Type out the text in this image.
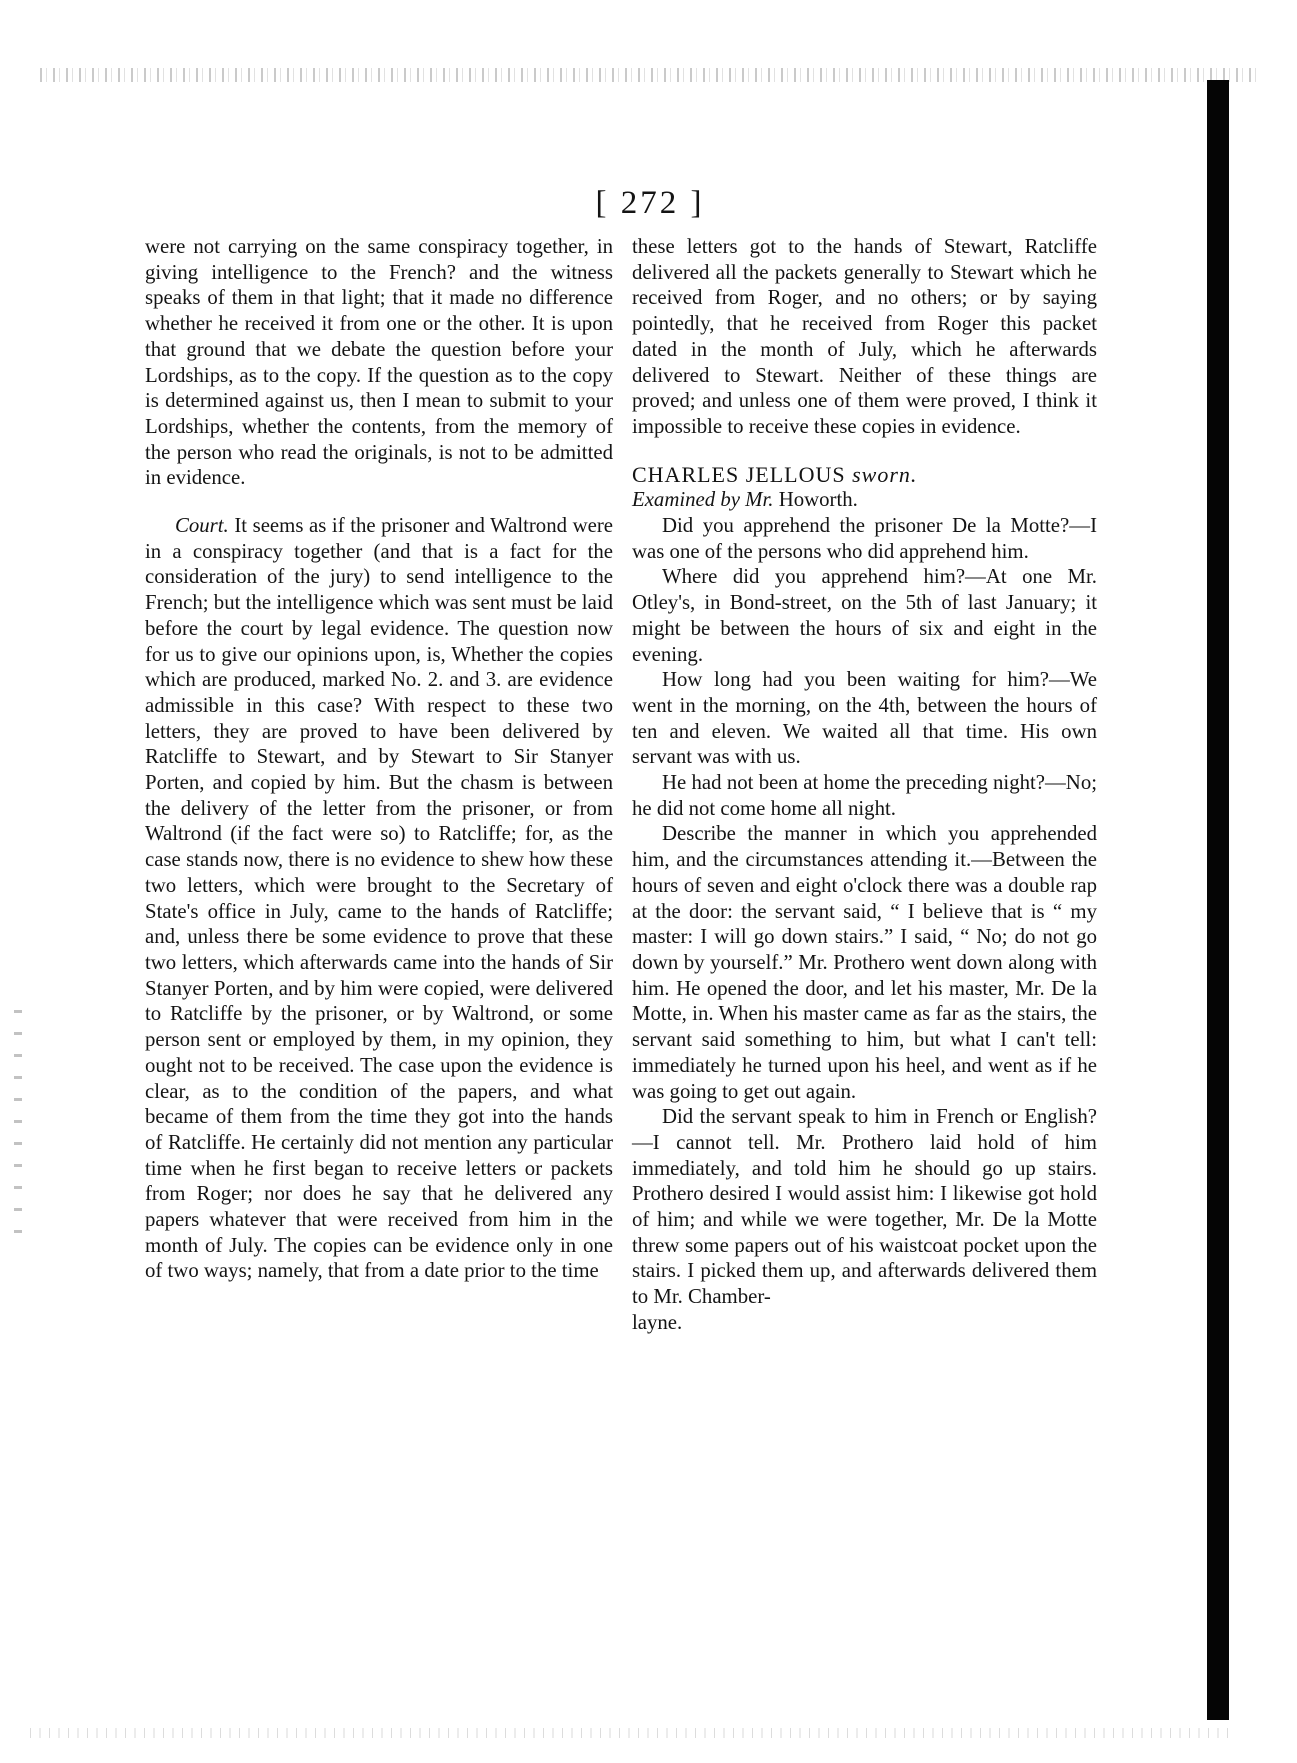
[ 272 ]

were not carrying on the same conspiracy together, in giving intelligence to the French? and the witness speaks of them in that light; that it made no difference whether he received it from one or the other. It is upon that ground that we debate the question before your Lordships, as to the copy. If the question as to the copy is determined against us, then I mean to submit to your Lordships, whether the contents, from the memory of the person who read the originals, is not to be admitted in evidence.

Court. It seems as if the prisoner and Waltrond were in a conspiracy together (and that is a fact for the consideration of the jury) to send intelligence to the French; but the intelligence which was sent must be laid before the court by legal evidence. The question now for us to give our opinions upon, is, Whether the copies which are produced, marked No. 2. and 3. are evidence admissible in this case? With respect to these two letters, they are proved to have been delivered by Ratcliffe to Stewart, and by Stewart to Sir Stanyer Porten, and copied by him. But the chasm is between the delivery of the letter from the prisoner, or from Waltrond (if the fact were so) to Ratcliffe; for, as the case stands now, there is no evidence to shew how these two letters, which were brought to the Secretary of State's office in July, came to the hands of Ratcliffe; and, unless there be some evidence to prove that these two letters, which afterwards came into the hands of Sir Stanyer Porten, and by him were copied, were delivered to Ratcliffe by the prisoner, or by Waltrond, or some person sent or employed by them, in my opinion, they ought not to be received. The case upon the evidence is clear, as to the condition of the papers, and what became of them from the time they got into the hands of Ratcliffe. He certainly did not mention any particular time when he first began to receive letters or packets from Roger; nor does he say that he delivered any papers whatever that were received from him in the month of July. The copies can be evidence only in one of two ways; namely, that from a date prior to the time

these letters got to the hands of Stewart, Ratcliffe delivered all the packets generally to Stewart which he received from Roger, and no others; or by saying pointedly, that he received from Roger this packet dated in the month of July, which he afterwards delivered to Stewart. Neither of these things are proved; and unless one of them were proved, I think it impossible to receive these copies in evidence.

CHARLES JELLOUS sworn.

Examined by Mr. Howorth.

Did you apprehend the prisoner De la Motte?—I was one of the persons who did apprehend him.

Where did you apprehend him?—At one Mr. Otley's, in Bond-street, on the 5th of last January; it might be between the hours of six and eight in the evening.

How long had you been waiting for him?—We went in the morning, on the 4th, between the hours of ten and eleven. We waited all that time. His own servant was with us.

He had not been at home the preceding night?—No; he did not come home all night.

Describe the manner in which you apprehended him, and the circumstances attending it.—Between the hours of seven and eight o'clock there was a double rap at the door: the servant said, “ I believe that is “ my master: I will go down stairs.” I said, “ No; do not go down by yourself.” Mr. Prothero went down along with him. He opened the door, and let his master, Mr. De la Motte, in. When his master came as far as the stairs, the servant said something to him, but what I can't tell: immediately he turned upon his heel, and went as if he was going to get out again.

Did the servant speak to him in French or English?—I cannot tell. Mr. Prothero laid hold of him immediately, and told him he should go up stairs. Prothero desired I would assist him: I likewise got hold of him; and while we were together, Mr. De la Motte threw some papers out of his waistcoat pocket upon the stairs. I picked them up, and afterwards delivered them to Mr. Chamber-

layne.
